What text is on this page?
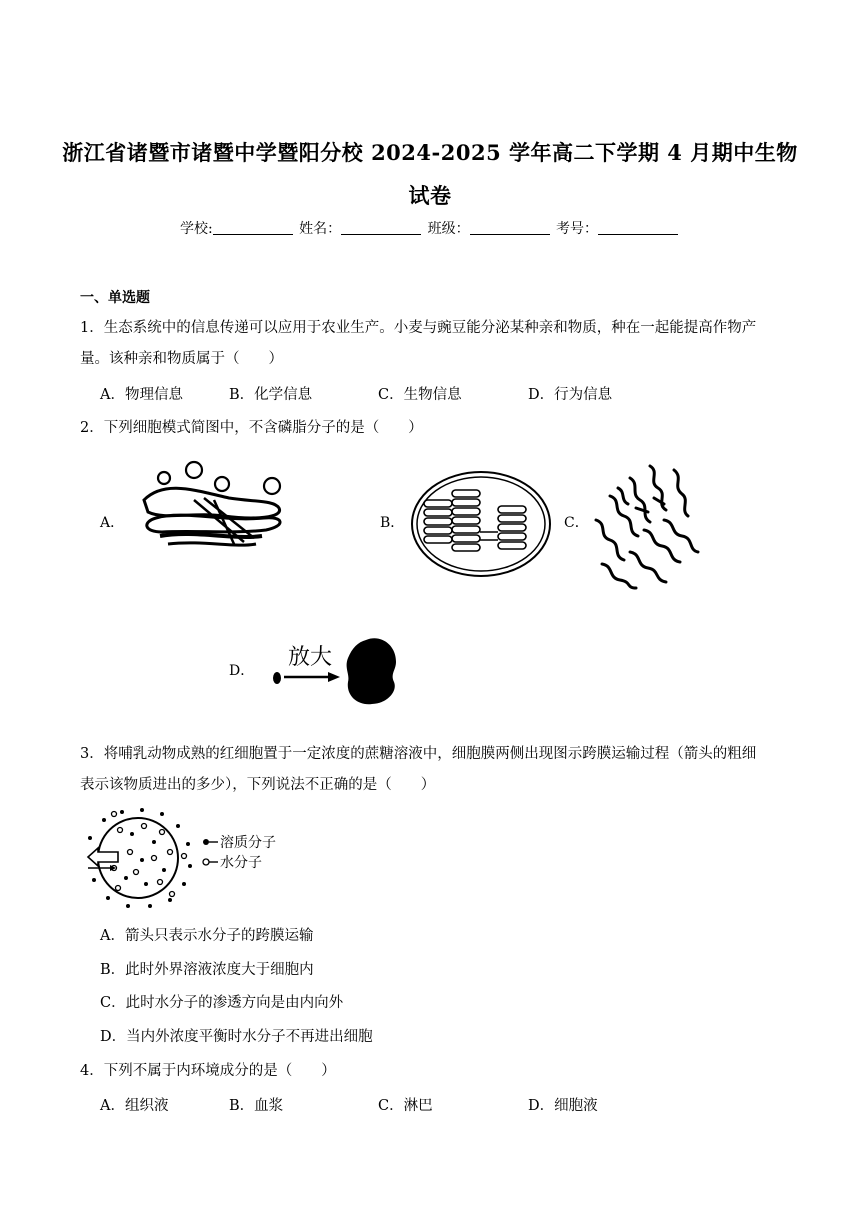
浙江省诸暨市诸暨中学暨阳分校 2024-2025 学年高二下学期 4 月期中生物
试卷
学校:	姓名：	班级：	考号：
一、单选题
1．生态系统中的信息传递可以应用于农业生产。小麦与豌豆能分泌某种亲和物质，种在一起能提高作物产
量。该种亲和物质属于（　　）
A．物理信息	B．化学信息	C．生物信息	D．行为信息
2．下列细胞模式简图中，不含磷脂分子的是（　　）
A．	B．	C．
D．
放大
3．将哺乳动物成熟的红细胞置于一定浓度的蔗糖溶液中，细胞膜两侧出现图示跨膜运输过程（箭头的粗细
表示该物质进出的多少），下列说法不正确的是（　　）
溶质分子
水分子
A．箭头只表示水分子的跨膜运输
B．此时外界溶液浓度大于细胞内
C．此时水分子的渗透方向是由内向外
D．当内外浓度平衡时水分子不再进出细胞
4．下列不属于内环境成分的是（　　）
A．组织液	B．血浆	C．淋巴	D．细胞液
